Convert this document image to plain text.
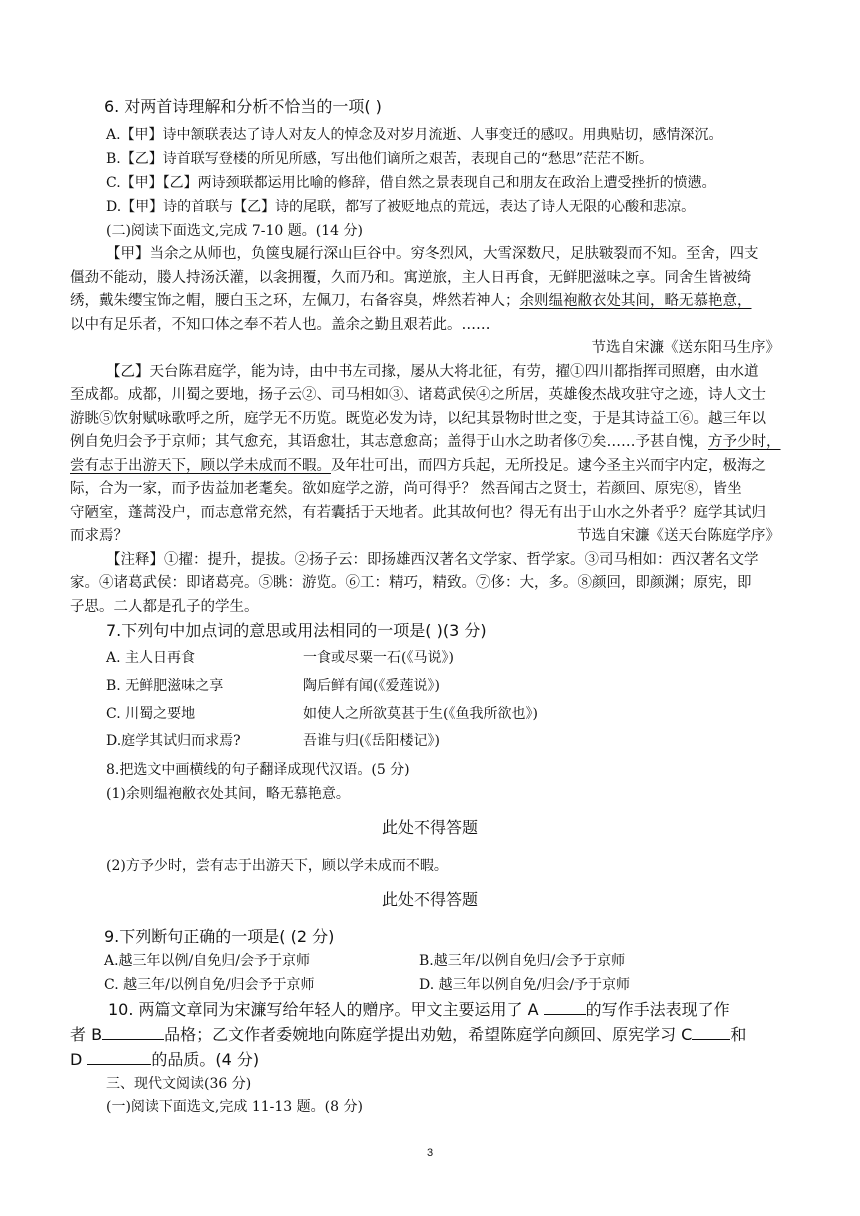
6. 对两首诗理解和分析不恰当的一项( )
A.【甲】诗中颔联表达了诗人对友人的悼念及对岁月流逝、人事变迁的感叹。用典贴切，感情深沉。
B.【乙】诗首联写登楼的所见所感，写出他们谪所之艰苦，表现自己的“愁思”茫茫不断。
C.【甲】【乙】两诗颈联都运用比喻的修辞，借自然之景表现自己和朋友在政治上遭受挫折的愤懑。
D.【甲】诗的首联与【乙】诗的尾联，都写了被贬地点的荒远，表达了诗人无限的心酸和悲凉。
(二)阅读下面选文,完成 7-10 题。(14 分)
【甲】当余之从师也，负箧曳屣行深山巨谷中。穷冬烈风，大雪深数尺，足肤皲裂而不知。至舍，四支
僵劲不能动，媵人持汤沃灌，以衾拥覆，久而乃和。寓逆旅，主人日再食，无鲜肥滋味之享。同舍生皆被绮
绣，戴朱缨宝饰之帽，腰白玉之环，左佩刀，右备容臭，烨然若神人；余则缊袍敝衣处其间，略无慕艳意，
以中有足乐者，不知口体之奉不若人也。盖余之勤且艰若此。……
节选自宋濂《送东阳马生序》
【乙】天台陈君庭学，能为诗，由中书左司掾，屡从大将北征，有劳，擢①四川都指挥司照磨，由水道
至成都。成都，川蜀之要地，扬子云②、司马相如③、诸葛武侯④之所居，英雄俊杰战攻驻守之迹，诗人文士
游眺⑤饮射赋咏歌呼之所，庭学无不历览。既览必发为诗，以纪其景物时世之变，于是其诗益工⑥。越三年以
例自免归会予于京师；其气愈充，其语愈壮，其志意愈高；盖得于山水之助者侈⑦矣……予甚自愧，方予少时，
尝有志于出游天下，顾以学未成而不暇。及年壮可出，而四方兵起，无所投足。逮今圣主兴而宇内定，极海之
际，合为一家，而予齿益加老耄矣。欲如庭学之游，尚可得乎？ 然吾闻古之贤士，若颜回、原宪⑧，皆坐
守陋室，蓬蒿没户，而志意常充然，有若囊括于天地者。此其故何也？得无有出于山水之外者乎？庭学其试归
而求焉？	节选自宋濂《送天台陈庭学序》
【注释】①擢：提升，提拔。②扬子云：即扬雄西汉著名文学家、哲学家。③司马相如：西汉著名文学
家。④诸葛武侯：即诸葛亮。⑤眺：游览。⑥工：精巧，精致。⑦侈：大，多。⑧颜回，即颜渊；原宪，即
子思。二人都是孔子的学生。
7.下列句中加点词的意思或用法相同的一项是( )(3 分)
A. 主人日再食	一食或尽粟一石(《马说》)
B. 无鲜肥滋味之享	陶后鲜有闻(《爱莲说》)
C. 川蜀之要地	如使人之所欲莫甚于生(《鱼我所欲也》)
D.庭学其试归而求焉?	吾谁与归(《岳阳楼记》)
8.把选文中画横线的句子翻译成现代汉语。(5 分)
(1)余则缊袍敝衣处其间，略无慕艳意。
此处不得答题
(2)方予少时，尝有志于出游天下，顾以学未成而不暇。
此处不得答题
9.下列断句正确的一项是( (2 分)
A.越三年以例/自免归/会予于京师	B.越三年/以例自免归/会予于京师
C. 越三年/以例自免/归会予于京师	D. 越三年以例自免/归会/予于京师
10. 两篇文章同为宋濂写给年轻人的赠序。甲文主要运用了 A	的写作手法表现了作
者 B	品格；乙文作者委婉地向陈庭学提出劝勉，希望陈庭学向颜回、原宪学习 C 和
D	的品质。(4 分)
三、现代文阅读(36 分)
(一)阅读下面选文,完成 11-13 题。(8 分)
3
